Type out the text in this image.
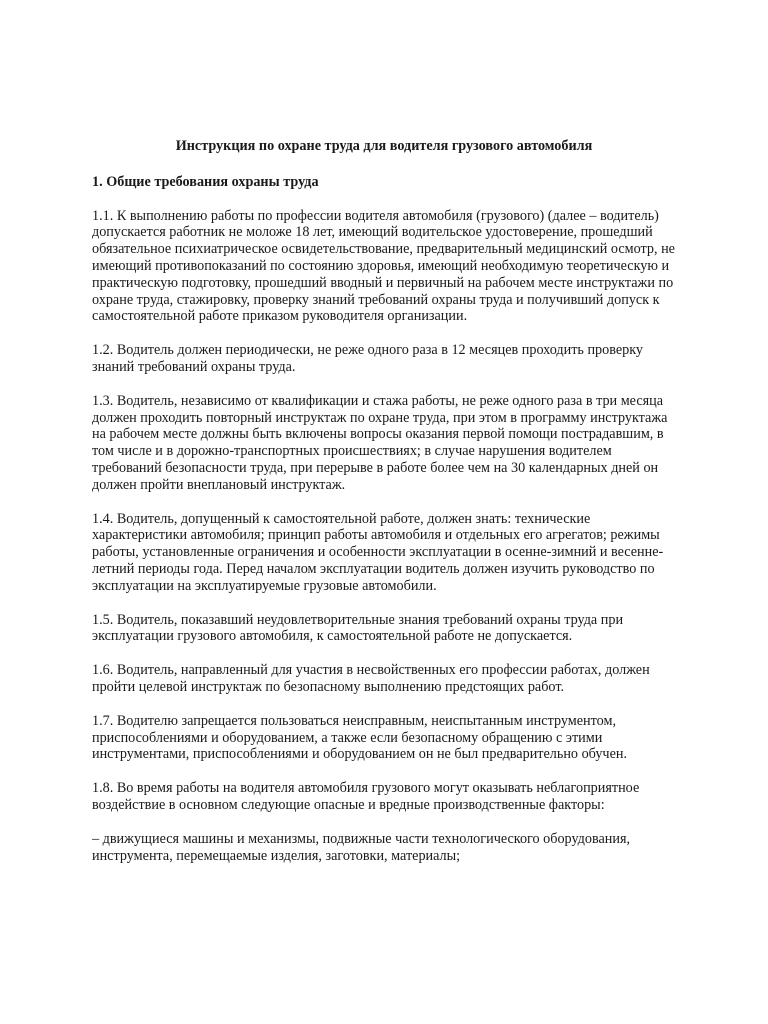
Инструкция по охране труда для водителя грузового автомобиля
1. Общие требования охраны труда
1.1. К выполнению работы по профессии водителя автомобиля (грузового) (далее – водитель) допускается работник не моложе 18 лет, имеющий водительское удостоверение, прошедший обязательное психиатрическое освидетельствование, предварительный медицинский осмотр, не имеющий противопоказаний по состоянию здоровья, имеющий необходимую теоретическую и практическую подготовку, прошедший вводный и первичный на рабочем месте инструктажи по охране труда, стажировку, проверку знаний требований охраны труда и получивший допуск к самостоятельной работе приказом руководителя организации.
1.2. Водитель должен периодически, не реже одного раза в 12 месяцев проходить проверку знаний требований охраны труда.
1.3. Водитель, независимо от квалификации и стажа работы, не реже одного раза в три месяца должен проходить повторный инструктаж по охране труда, при этом в программу инструктажа на рабочем месте должны быть включены вопросы оказания первой помощи пострадавшим, в том числе и в дорожно-транспортных происшествиях; в случае нарушения водителем требований безопасности труда, при перерыве в работе более чем на 30 календарных дней он должен пройти внеплановый инструктаж.
1.4. Водитель, допущенный к самостоятельной работе, должен знать: технические характеристики автомобиля; принцип работы автомобиля и отдельных его агрегатов; режимы работы, установленные ограничения и особенности эксплуатации в осенне-зимний и весенне-летний периоды года. Перед началом эксплуатации водитель должен изучить руководство по эксплуатации на эксплуатируемые грузовые автомобили.
1.5. Водитель, показавший неудовлетворительные знания требований охраны труда при эксплуатации грузового автомобиля, к самостоятельной работе не допускается.
1.6. Водитель, направленный для участия в несвойственных его профессии работах, должен пройти целевой инструктаж по безопасному выполнению предстоящих работ.
1.7. Водителю запрещается пользоваться неисправным, неиспытанным инструментом, приспособлениями и оборудованием, а также если безопасному обращению с этими инструментами, приспособлениями и оборудованием он не был предварительно обучен.
1.8. Во время работы на водителя автомобиля грузового могут оказывать неблагоприятное воздействие в основном следующие опасные и вредные производственные факторы:
– движущиеся машины и механизмы, подвижные части технологического оборудования, инструмента, перемещаемые изделия, заготовки, материалы;
